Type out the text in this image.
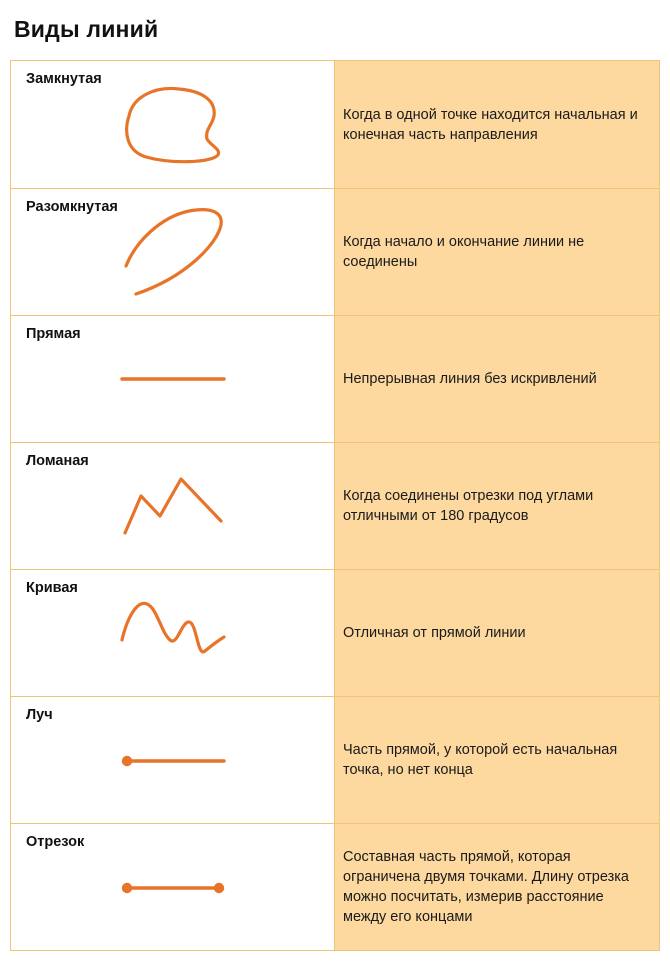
Виды линий
Замкнутая
Когда в одной точке находится начальная и конечная часть направления
Разомкнутая
Когда начало и окончание линии не соединены
Прямая
Непрерывная линия без искривлений
Ломаная
Когда соединены отрезки под углами отличными от 180 градусов
Кривая
Отличная от прямой линии
Луч
Часть прямой, у которой есть начальная точка, но нет конца
Отрезок
Составная часть прямой, которая ограничена двумя точками. Длину отрезка можно посчитать, измерив расстояние между его концами
